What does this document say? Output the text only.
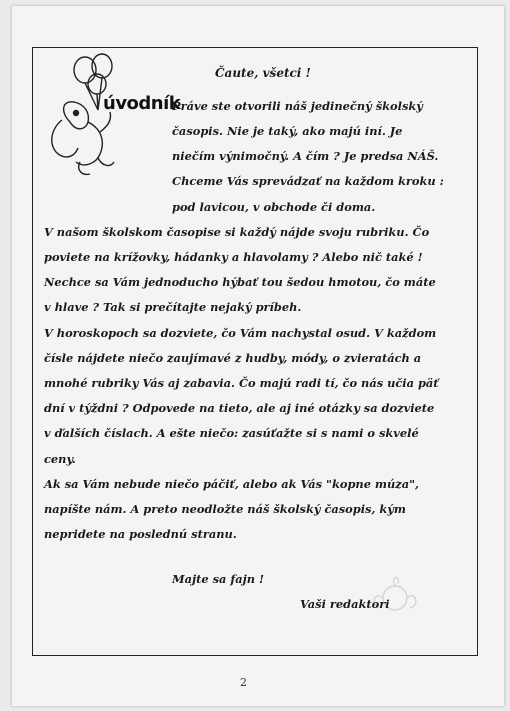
úvodník
Čaute, všetci !
Práve ste otvorili náš jedinečný školský
časopis. Nie je taký, ako majú iní. Je
niečím výnimočný. A čím ? Je predsa NÁŠ.
Chceme Vás sprevádzať na každom kroku :
pod lavicou, v obchode či doma.
V našom školskom časopise si každý nájde svoju rubriku. Čo
poviete na krížovky, hádanky a hlavolamy ? Alebo nič také !
Nechce sa Vám jednoducho hýbať tou šedou hmotou, čo máte
v hlave ? Tak si prečítajte nejaký príbeh.
V horoskopoch sa dozviete, čo Vám nachystal osud. V každom
čísle nájdete niečo zaujímavé z hudby, módy, o zvieratách a
mnohé rubriky Vás aj zabavia. Čo majú radi tí, čo nás učia päť
dní v týždni ? Odpovede na tieto, ale aj iné otázky sa dozviete
v ďalších číslach. A ešte niečo: zasúťažte si s nami o skvelé
ceny.
Ak sa Vám nebude niečo páčiť, alebo ak Vás "kopne múza",
napíšte nám. A preto neodložte náš školský časopis, kým
nepridete na poslednú stranu.
Majte sa fajn !
Vaši redaktori
2
